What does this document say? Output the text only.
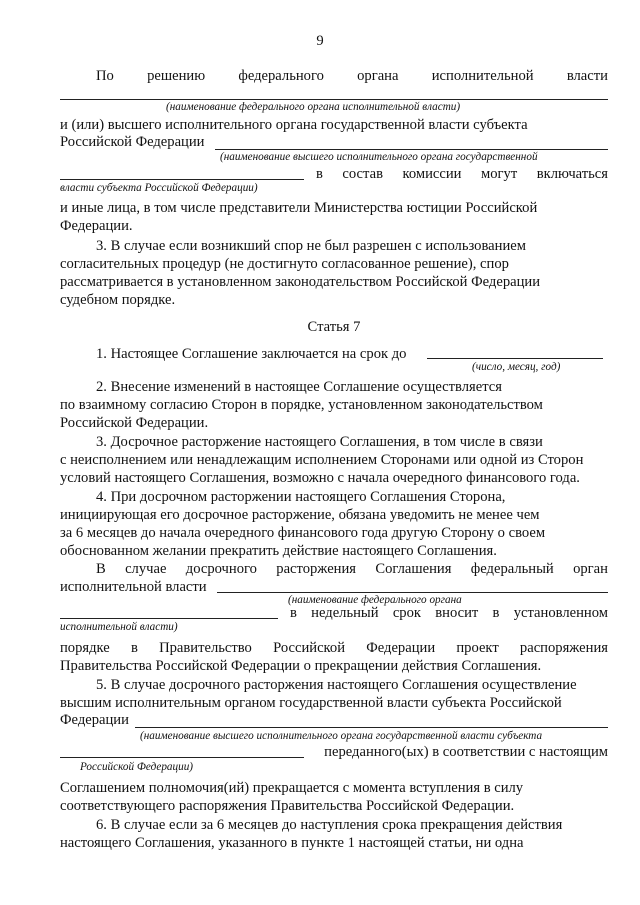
9
По решению федерального органа исполнительной власти
(наименование федерального органа исполнительной власти)
и (или) высшего исполнительного органа государственной власти субъекта
Российской Федерации
(наименование высшего исполнительного органа государственной
в состав комиссии могут включаться
власти субъекта Российской Федерации)
и иные лица, в том числе представители Министерства юстиции Российской
Федерации.
3. В случае если возникший спор не был разрешен с использованием
согласительных процедур (не достигнуто согласованное решение), спор
рассматривается в установленном законодательством Российской Федерации
судебном порядке.
Статья 7
1. Настоящее Соглашение заключается на срок до
(число, месяц, год)
2. Внесение изменений в настоящее Соглашение осуществляется
по взаимному согласию Сторон в порядке, установленном законодательством
Российской Федерации.
3. Досрочное расторжение настоящего Соглашения, в том числе в связи
с неисполнением или ненадлежащим исполнением Сторонами или одной из Сторон
условий настоящего Соглашения, возможно с начала очередного финансового года.
4. При досрочном расторжении настоящего Соглашения Сторона,
инициирующая его досрочное расторжение, обязана уведомить не менее чем
за 6 месяцев до начала очередного финансового года другую Сторону о своем
обоснованном желании прекратить действие настоящего Соглашения.
В случае досрочного расторжения Соглашения федеральный орган
исполнительной власти
(наименование федерального органа
в недельный срок вносит в установленном
исполнительной власти)
порядке в Правительство Российской Федерации проект распоряжения
Правительства Российской Федерации о прекращении действия Соглашения.
5. В случае досрочного расторжения настоящего Соглашения осуществление
высшим исполнительным органом государственной власти субъекта Российской
Федерации
(наименование высшего исполнительного органа государственной власти субъекта
переданного(ых) в соответствии с настоящим
Российской Федерации)
Соглашением полномочия(ий) прекращается с момента вступления в силу
соответствующего распоряжения Правительства Российской Федерации.
6. В случае если за 6 месяцев до наступления срока прекращения действия
настоящего Соглашения, указанного в пункте 1 настоящей статьи, ни одна
